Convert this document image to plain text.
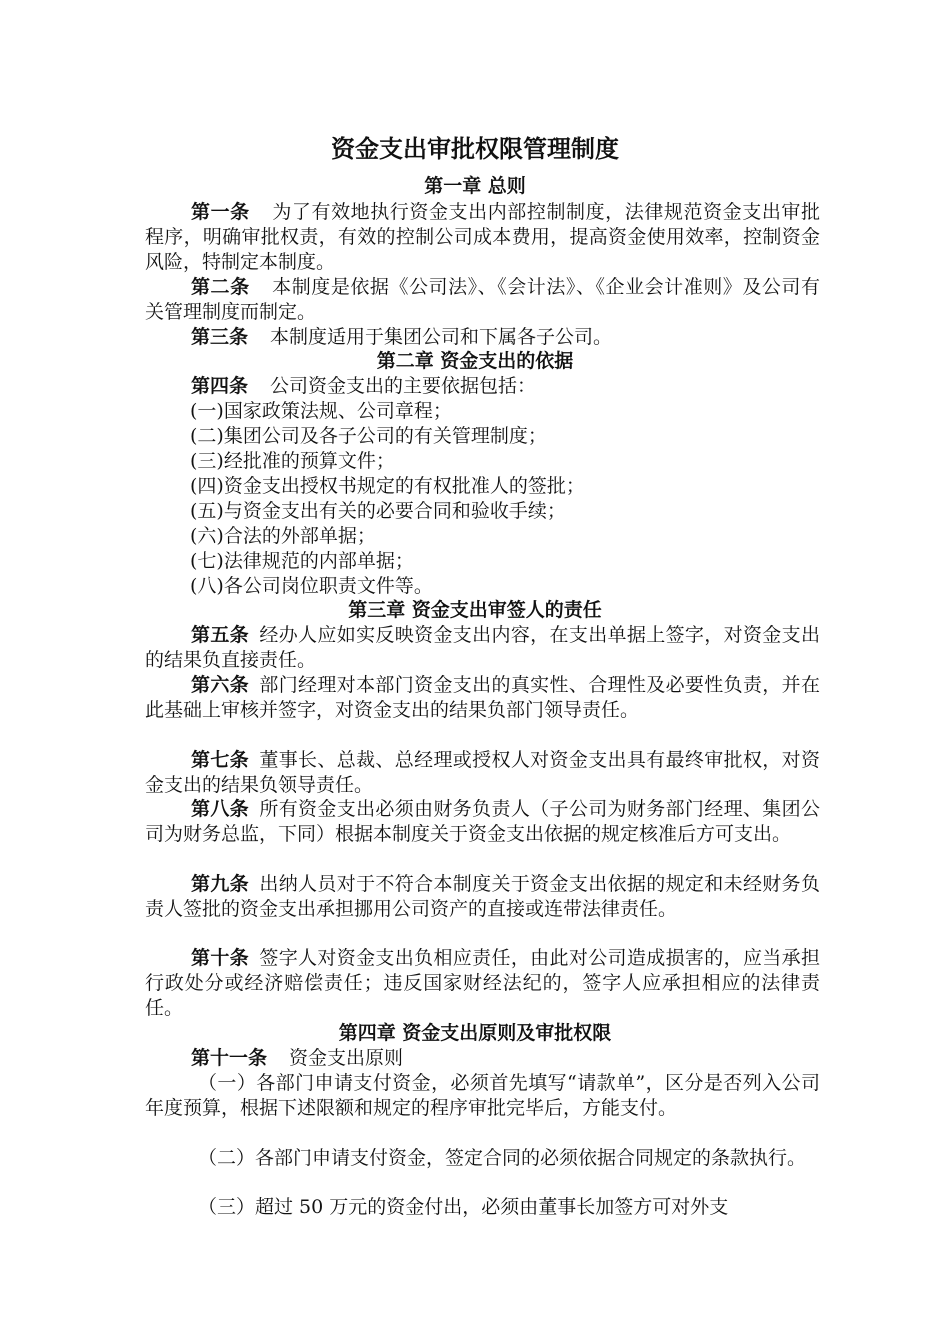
资金支出审批权限管理制度
第一章 总则
第一条 为了有效地执行资金支出内部控制制度，法律规范资金支出审批程序，明确审批权责，有效的控制公司成本费用，提高资金使用效率，控制资金风险，特制定本制度。
第二条 本制度是依据《公司法》、《会计法》、《企业会计准则》及公司有关管理制度而制定。
第三条 本制度适用于集团公司和下属各子公司。
第二章 资金支出的依据
第四条 公司资金支出的主要依据包括：
(一)国家政策法规、公司章程；
(二)集团公司及各子公司的有关管理制度；
(三)经批准的预算文件；
(四)资金支出授权书规定的有权批准人的签批；
(五)与资金支出有关的必要合同和验收手续；
(六)合法的外部单据；
(七)法律规范的内部单据；
(八)各公司岗位职责文件等。
第三章 资金支出审签人的责任
第五条 经办人应如实反映资金支出内容，在支出单据上签字，对资金支出的结果负直接责任。
第六条 部门经理对本部门资金支出的真实性、合理性及必要性负责，并在此基础上审核并签字，对资金支出的结果负部门领导责任。
第七条 董事长、总裁、总经理或授权人对资金支出具有最终审批权，对资金支出的结果负领导责任。
第八条 所有资金支出必须由财务负责人（子公司为财务部门经理、集团公司为财务总监，下同）根据本制度关于资金支出依据的规定核准后方可支出。
第九条 出纳人员对于不符合本制度关于资金支出依据的规定和未经财务负责人签批的资金支出承担挪用公司资产的直接或连带法律责任。
第十条 签字人对资金支出负相应责任，由此对公司造成损害的，应当承担行政处分或经济赔偿责任；违反国家财经法纪的，签字人应承担相应的法律责任。
第四章 资金支出原则及审批权限
第十一条 资金支出原则
（一）各部门申请支付资金，必须首先填写“请款单”，区分是否列入公司年度预算，根据下述限额和规定的程序审批完毕后，方能支付。
（二）各部门申请支付资金，签定合同的必须依据合同规定的条款执行。
（三）超过 50 万元的资金付出，必须由董事长加签方可对外支
